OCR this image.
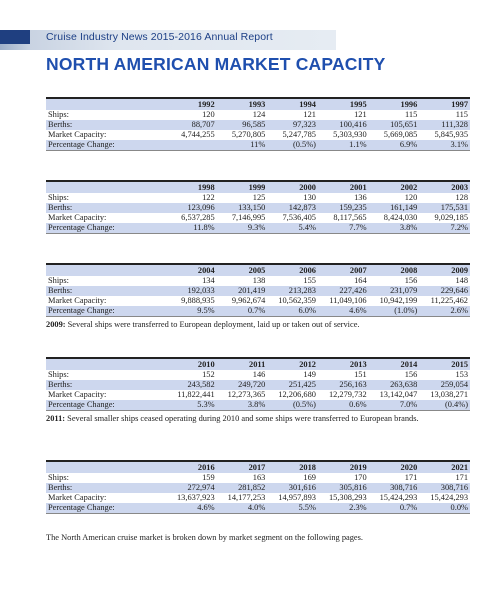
Cruise Industry News 2015-2016 Annual Report
NORTH AMERICAN MARKET CAPACITY
	1992	1993	1994	1995	1996	1997
Ships:	120	124	121	121	115	115
Berths:	88,707	96,585	97,323	100,416	105,651	111,328
Market Capacity:	4,744,255	5,270,805	5,247,785	5,303,930	5,669,085	5,845,935
Percentage Change:		11%	(0.5%)	1.1%	6.9%	3.1%
	1998	1999	2000	2001	2002	2003
Ships:	122	125	130	136	120	128
Berths:	123,096	133,150	142,873	159,235	161,149	175,531
Market Capacity:	6,537,285	7,146,995	7,536,405	8,117,565	8,424,030	9,029,185
Percentage Change:	11.8%	9.3%	5.4%	7.7%	3.8%	7.2%
	2004	2005	2006	2007	2008	2009
Ships:	134	138	155	164	156	148
Berths:	192,033	201,419	213,283	227,426	231,079	229,646
Market Capacity:	9,888,935	9,962,674	10,562,359	11,049,106	10,942,199	11,225,462
Percentage Change:	9.5%	0.7%	6.0%	4.6%	(1.0%)	2.6%
2009: Several ships were transferred to European deployment, laid up or taken out of service.
	2010	2011	2012	2013	2014	2015
Ships:	152	146	149	151	156	153
Berths:	243,582	249,720	251,425	256,163	263,638	259,054
Market Capacity:	11,822,441	12,273,365	12,206,680	12,279,732	13,142,047	13,038,271
Percentage Change:	5.3%	3.8%	(0.5%)	0.6%	7.0%	(0.4%)
2011: Several smaller ships ceased operating during 2010 and some ships were transferred to European brands.
	2016	2017	2018	2019	2020	2021
Ships:	159	163	169	170	171	171
Berths:	272,974	281,852	301,616	305,816	308,716	308,716
Market Capacity:	13,637,923	14,177,253	14,957,893	15,308,293	15,424,293	15,424,293
Percentage Change:	4.6%	4.0%	5.5%	2.3%	0.7%	0.0%
The North American cruise market is broken down by market segment on the following pages.
